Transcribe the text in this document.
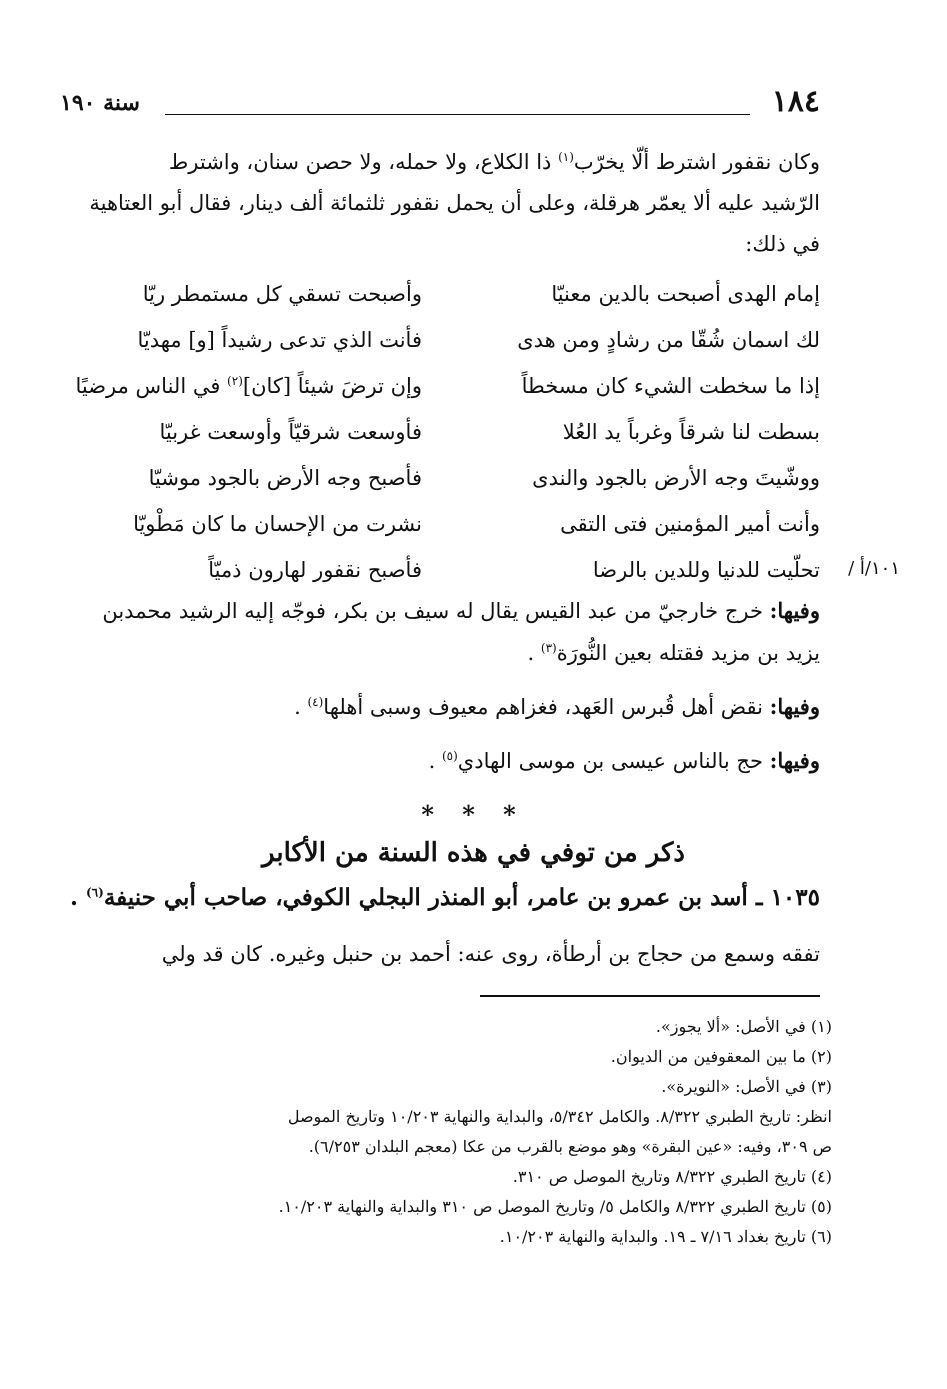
١٨٤
سنة ١٩٠

وكان نقفور اشترط ألّا يخرّب$^{(١)}$ ذا الكلاع، ولا حمله، ولا حصن سنان، واشترط

الرّشيد عليه ألا يعمّر هرقلة، وعلى أن يحمل نقفور ثلثمائة ألف دينار، فقال أبو العتاهية

في ذلك:

إمام الهدى أصبحت بالدين معنيّا
وأصبحت تسقي كل مستمطر ريّا
لك اسمان شُقّا من رشادٍ ومن هدى
فأنت الذي تدعى رشيداً [و] مهديّا
إذا ما سخطت الشيء كان مسخطاً
وإن ترضَ شيئاً [كان]$^{(٢)}$ في الناس مرضيًا
بسطت لنا شرقاً وغرباً يد العُلا
فأوسعت شرقيّاً وأوسعت غربيّا
ووشّيتَ وجه الأرض بالجود والندى
فأصبح وجه الأرض بالجود موشيّا
وأنت أمير المؤمنين فتى التقى
نشرت من الإحسان ما كان مَطْويّا
١٠١/أ /
تحلّيت للدنيا وللدين بالرضا
فأصبح نقفور لهارون ذميّاً

وفيها: خرج خارجيّ من عبد القيس يقال له سيف بن بكر، فوجّه إليه الرشيد محمدبن يزيد بن مزيد فقتله بعين النُّورَة$^{(٣)}$ .

وفيها: نقض أهل قُبرس العَهد، فغزاهم معيوف وسبى أهلها$^{(٤)}$ .

وفيها: حج بالناس عيسى بن موسى الهادي$^{(٥)}$ .

* * *
ذكر من توفي في هذه السنة من الأكابر
١٠٣٥ ـ أسد بن عمرو بن عامر، أبو المنذر البجلي الكوفي، صاحب أبي حنيفة$^{(٦)}$ .
تفقه وسمع من حجاج بن أرطأة، روى عنه: أحمد بن حنبل وغيره. كان قد ولي

(١) في الأصل: «ألا يجوز».

(٢) ما بين المعقوفين من الديوان.

(٣) في الأصل: «النويرة».

انظر: تاريخ الطبري ٨/٣٢٢. والكامل ٥/٣٤٢، والبداية والنهاية ١٠/٢٠٣ وتاريخ الموصل

ص ٣٠٩، وفيه: «عين البقرة» وهو موضع بالقرب من عكا (معجم البلدان ٦/٢٥٣).

(٤) تاريخ الطبري ٨/٣٢٢ وتاريخ الموصل ص ٣١٠.

(٥) تاريخ الطبري ٨/٣٢٢ والكامل ٥/ وتاريخ الموصل ص ٣١٠ والبداية والنهاية ١٠/٢٠٣.

(٦) تاريخ بغداد ٧/١٦ ـ ١٩. والبداية والنهاية ١٠/٢٠٣.
